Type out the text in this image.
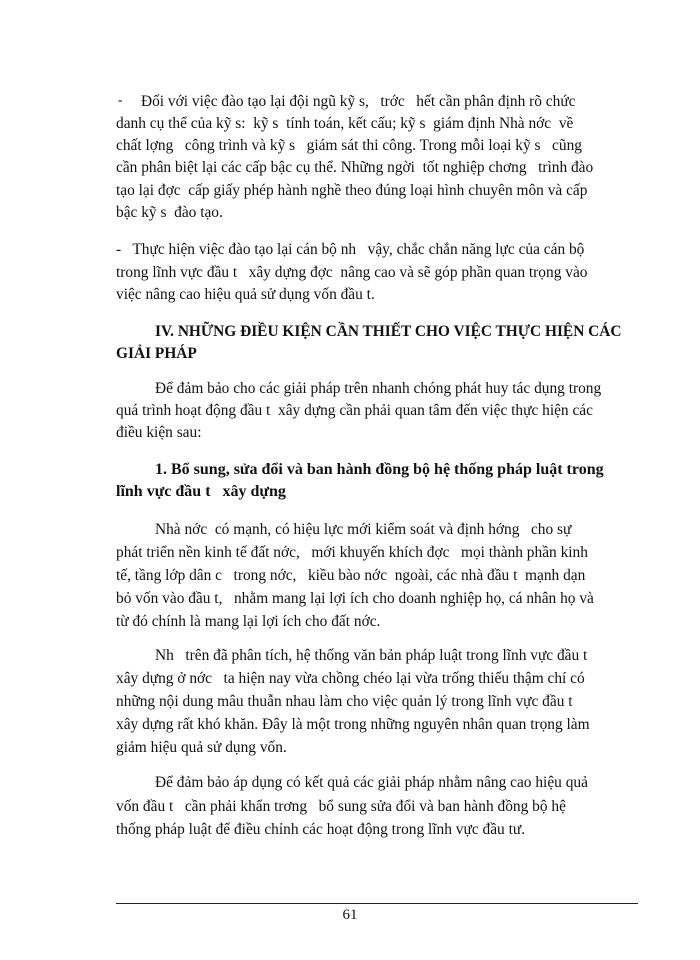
- Đối với việc đào tạo lại đội ngũ kỹ s,   trớc   hết cần phân định rõ chức
danh cụ thể của kỹ s:  kỹ s  tính toán, kết cấu; kỹ s  giám định Nhà nớc  về
chất lợng   công trình và kỹ s   giám sát thi công. Trong mỗi loại kỹ s   cũng
cần phân biệt lại các cấp bậc cụ thể. Những ngời  tốt nghiệp chơng   trình đào
tạo lại đợc  cấp giấy phép hành nghề theo đúng loại hình chuyên môn và cấp
bậc kỹ s  đào tạo.
-   Thực hiện việc đào tạo lại cán bộ nh   vậy, chắc chắn năng lực của cán bộ
trong lĩnh vực đầu t   xây dựng đợc  nâng cao và sẽ góp phần quan trọng vào
việc nâng cao hiệu quả sử dụng vốn đầu t.
IV. NHỮNG ĐIỀU KIỆN CẦN THIẾT CHO VIỆC THỰC HIỆN CÁC
GIẢI PHÁP
Để đảm bảo cho các giải pháp trên nhanh chóng phát huy tác dụng trong
quá trình hoạt động đầu t  xây dựng cần phải quan tâm đến việc thực hiện các
điều kiện sau:
1. Bổ sung, sửa đổi và ban hành đồng bộ hệ thống pháp luật trong
lĩnh vực đầu t   xây dựng
Nhà nớc  có mạnh, có hiệu lực mới kiểm soát và định hớng   cho sự
phát triển nền kinh tế đất nớc,   mới khuyến khích đợc   mọi thành phần kinh
tế, tầng lớp dân c   trong nớc,   kiều bào nớc  ngoài, các nhà đầu t  mạnh dạn
bỏ vốn vào đầu t,   nhằm mang lại lợi ích cho doanh nghiệp họ, cá nhân họ và
từ đó chính là mang lại lợi ích cho đất nớc.
Nh   trên đã phân tích, hệ thống văn bản pháp luật trong lĩnh vực đầu t
xây dựng ở nớc   ta hiện nay vừa chồng chéo lại vừa trống thiếu thậm chí có
những nội dung mâu thuẫn nhau làm cho việc quản lý trong lĩnh vực đầu t
xây dựng rất khó khăn. Đây là một trong những nguyên nhân quan trọng làm
giảm hiệu quả sử dụng vốn.
Để đảm bảo áp dụng có kết quả các giải pháp nhằm nâng cao hiệu quả
vốn đầu t   cần phải khẩn trơng   bổ sung sửa đổi và ban hành đồng bộ hệ
thống pháp luật để điều chỉnh các hoạt động trong lĩnh vực đầu tư.
61
